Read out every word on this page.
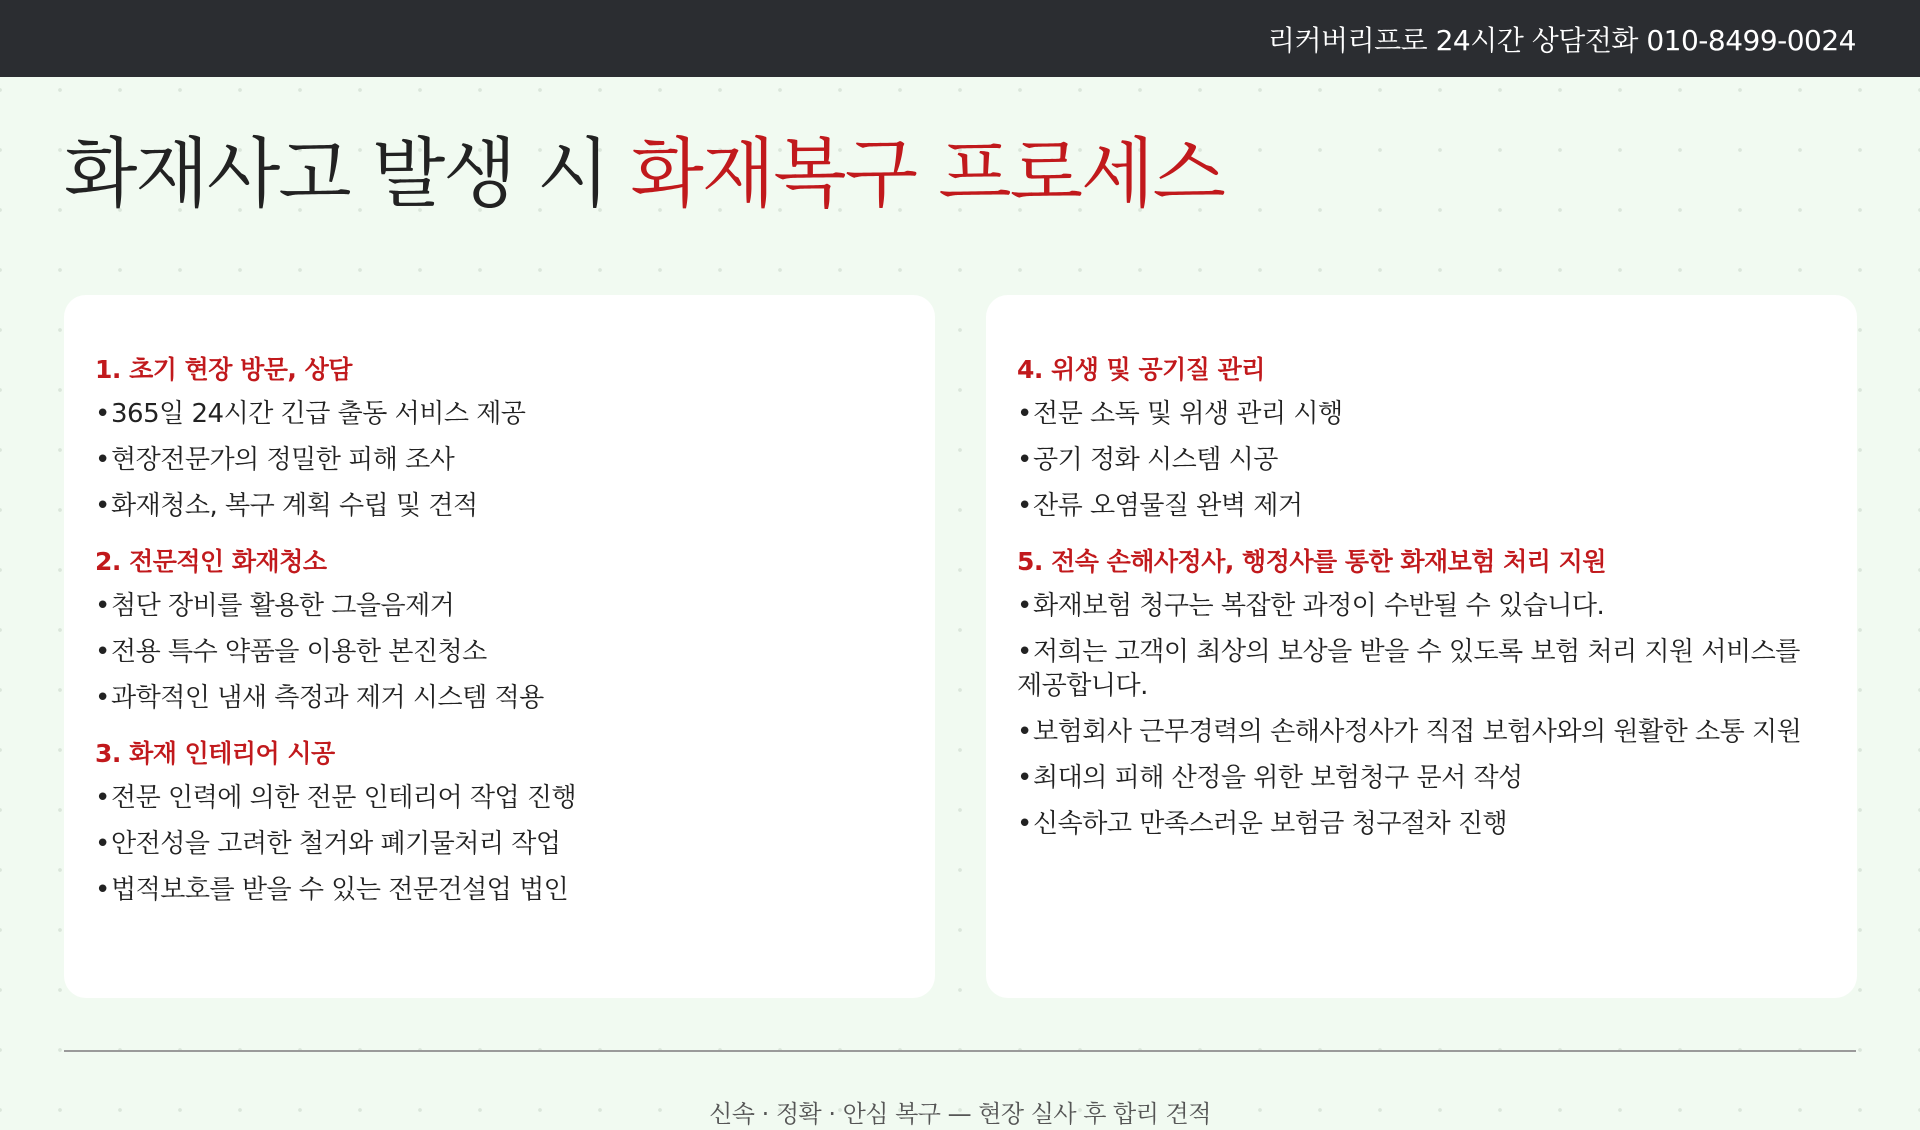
리커버리프로 24시간 상담전화 010-8499-0024
화재사고 발생 시 화재복구 프로세스
1. 초기 현장 방문, 상담
•365일 24시간 긴급 출동 서비스 제공
•현장전문가의 정밀한 피해 조사
•화재청소, 복구 계획 수립 및 견적
2. 전문적인 화재청소
•첨단 장비를 활용한 그을음제거
•전용 특수 약품을 이용한 본진청소
•과학적인 냄새 측정과 제거 시스템 적용
3. 화재 인테리어 시공
•전문 인력에 의한 전문 인테리어 작업 진행
•안전성을 고려한 철거와 폐기물처리 작업
•법적보호를 받을 수 있는 전문건설업 법인
4. 위생 및 공기질 관리
•전문 소독 및 위생 관리 시행
•공기 정화 시스템 시공
•잔류 오염물질 완벽 제거
5. 전속 손해사정사, 행정사를 통한 화재보험 처리 지원
•화재보험 청구는 복잡한 과정이 수반될 수 있습니다.
•저희는 고객이 최상의 보상을 받을 수 있도록 보험 처리 지원 서비스를 제공합니다.
•보험회사 근무경력의 손해사정사가 직접 보험사와의 원활한 소통 지원
•최대의 피해 산정을 위한 보험청구 문서 작성
•신속하고 만족스러운 보험금 청구절차 진행

신속 · 정확 · 안심 복구 — 현장 실사 후 합리 견적
